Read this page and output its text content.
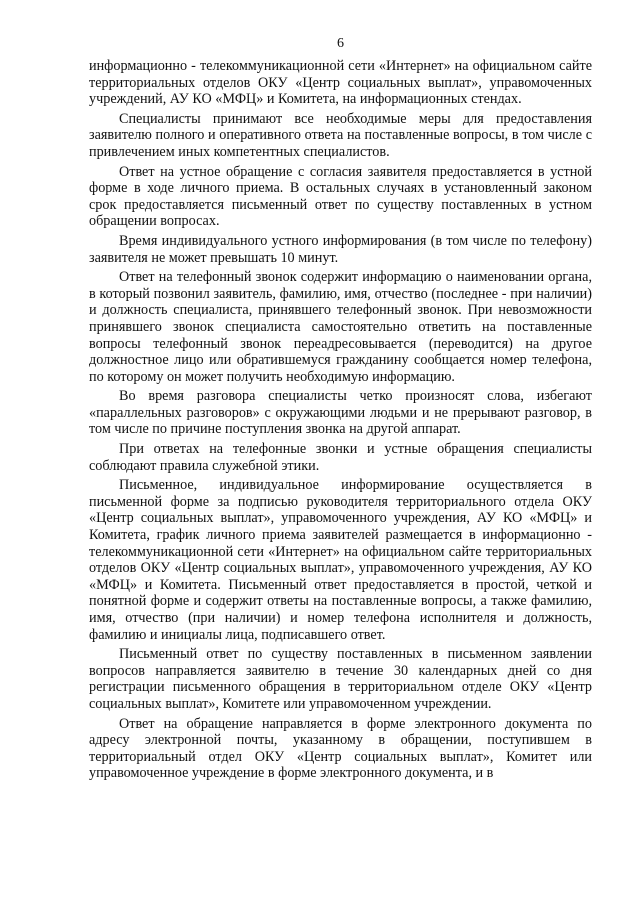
6

информационно - телекоммуникационной сети «Интернет» на официальном сайте территориальных отделов ОКУ «Центр социальных выплат», управомоченных учреждений, АУ КО «МФЦ» и Комитета, на информационных стендах.

Специалисты принимают все необходимые меры для предоставления заявителю полного и оперативного ответа на поставленные вопросы, в том числе с привлечением иных компетентных специалистов.

Ответ на устное обращение с согласия заявителя предоставляется в устной форме в ходе личного приема. В остальных случаях в установленный законом срок предоставляется письменный ответ по существу поставленных в устном обращении вопросах.

Время индивидуального устного информирования (в том числе по телефону) заявителя не может превышать 10 минут.

Ответ на телефонный звонок содержит информацию о наименовании органа, в который позвонил заявитель, фамилию, имя, отчество (последнее - при наличии) и должность специалиста, принявшего телефонный звонок. При невозможности принявшего звонок специалиста самостоятельно ответить на поставленные вопросы телефонный звонок переадресовывается (переводится) на другое должностное лицо или обратившемуся гражданину сообщается номер телефона, по которому он может получить необходимую информацию.

Во время разговора специалисты четко произносят слова, избегают «параллельных разговоров» с окружающими людьми и не прерывают разговор, в том числе по причине поступления звонка на другой аппарат.

При ответах на телефонные звонки и устные обращения специалисты соблюдают правила служебной этики.

Письменное, индивидуальное информирование осуществляется в письменной форме за подписью руководителя территориального отдела ОКУ «Центр социальных выплат», управомоченного учреждения, АУ КО «МФЦ» и Комитета, график личного приема заявителей размещается в информационно - телекоммуникационной сети «Интернет» на официальном сайте территориальных отделов ОКУ «Центр социальных выплат», управомоченного учреждения, АУ КО «МФЦ» и Комитета. Письменный ответ предоставляется в простой, четкой и понятной форме и содержит ответы на поставленные вопросы, а также фамилию, имя, отчество (при наличии) и номер телефона исполнителя и должность, фамилию и инициалы лица, подписавшего ответ.

Письменный ответ по существу поставленных в письменном заявлении вопросов направляется заявителю в течение 30 календарных дней со дня регистрации письменного обращения в территориальном отделе ОКУ «Центр социальных выплат», Комитете или управомоченном учреждении.

Ответ на обращение направляется в форме электронного документа по адресу электронной почты, указанному в обращении, поступившем в территориальный отдел ОКУ «Центр социальных выплат», Комитет или управомоченное учреждение в форме электронного документа, и в
